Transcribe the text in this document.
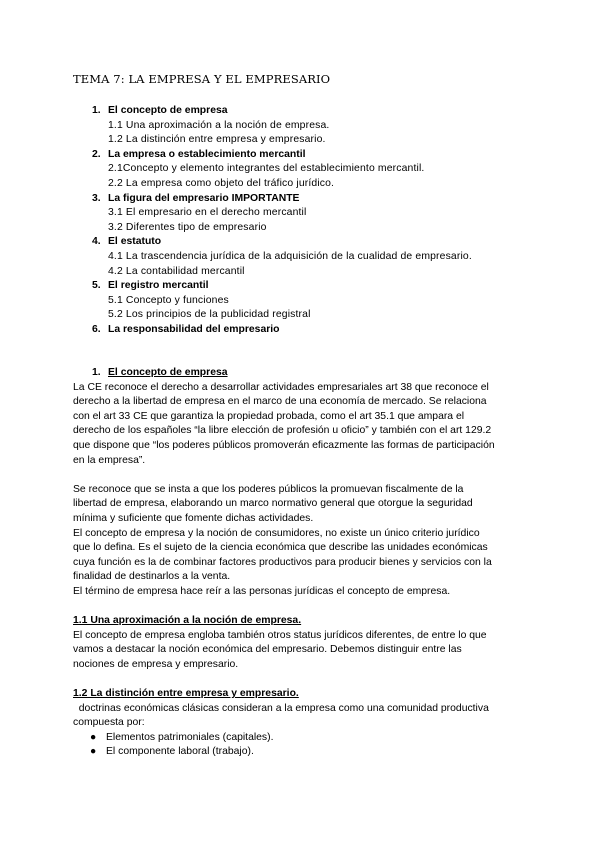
TEMA 7: LA EMPRESA Y EL EMPRESARIO
1. El concepto de empresa
1.1 Una aproximación a la noción de empresa.
1.2 La distinción entre empresa y empresario.
2. La empresa o establecimiento mercantil
2.1Concepto y elemento integrantes del establecimiento mercantil.
2.2 La empresa como objeto del tráfico jurídico.
3. La figura del empresario IMPORTANTE
3.1 El empresario en el derecho mercantil
3.2 Diferentes tipo de empresario
4. El estatuto
4.1 La trascendencia jurídica de la adquisición de la cualidad de empresario.
4.2 La contabilidad mercantil
5. El registro mercantil
5.1 Concepto y funciones
5.2 Los principios de la publicidad registral
6. La responsabilidad del empresario
1. El concepto de empresa

La CE reconoce el derecho a desarrollar actividades empresariales art 38 que reconoce el
derecho a la libertad de empresa en el marco de una economía de mercado. Se relaciona
con el art 33 CE que garantiza la propiedad probada, como el art 35.1 que ampara el
derecho de los españoles “la libre elección de profesión u oficio” y también con el art 129.2
que dispone que “los poderes públicos promoverán eficazmente las formas de participación
en la empresa”.

Se reconoce que se insta a que los poderes públicos la promuevan fiscalmente de la
libertad de empresa, elaborando un marco normativo general que otorgue la seguridad
mínima y suficiente que fomente dichas actividades.
El concepto de empresa y la noción de consumidores, no existe un único criterio jurídico
que lo defina. Es el sujeto de la ciencia económica que describe las unidades económicas
cuya función es la de combinar factores productivos para producir bienes y servicios con la
finalidad de destinarlos a la venta.
El término de empresa hace reír a las personas jurídicas el concepto de empresa.

1.1 Una aproximación a la noción de empresa.

El concepto de empresa engloba también otros status jurídicos diferentes, de entre lo que
vamos a destacar la noción económica del empresario. Debemos distinguir entre las
nociones de empresa y empresario.

1.2 La distinción entre empresa y empresario.

doctrinas económicas clásicas consideran a la empresa como una comunidad productiva
compuesta por:

● Elementos patrimoniales (capitales).
● El componente laboral (trabajo).
